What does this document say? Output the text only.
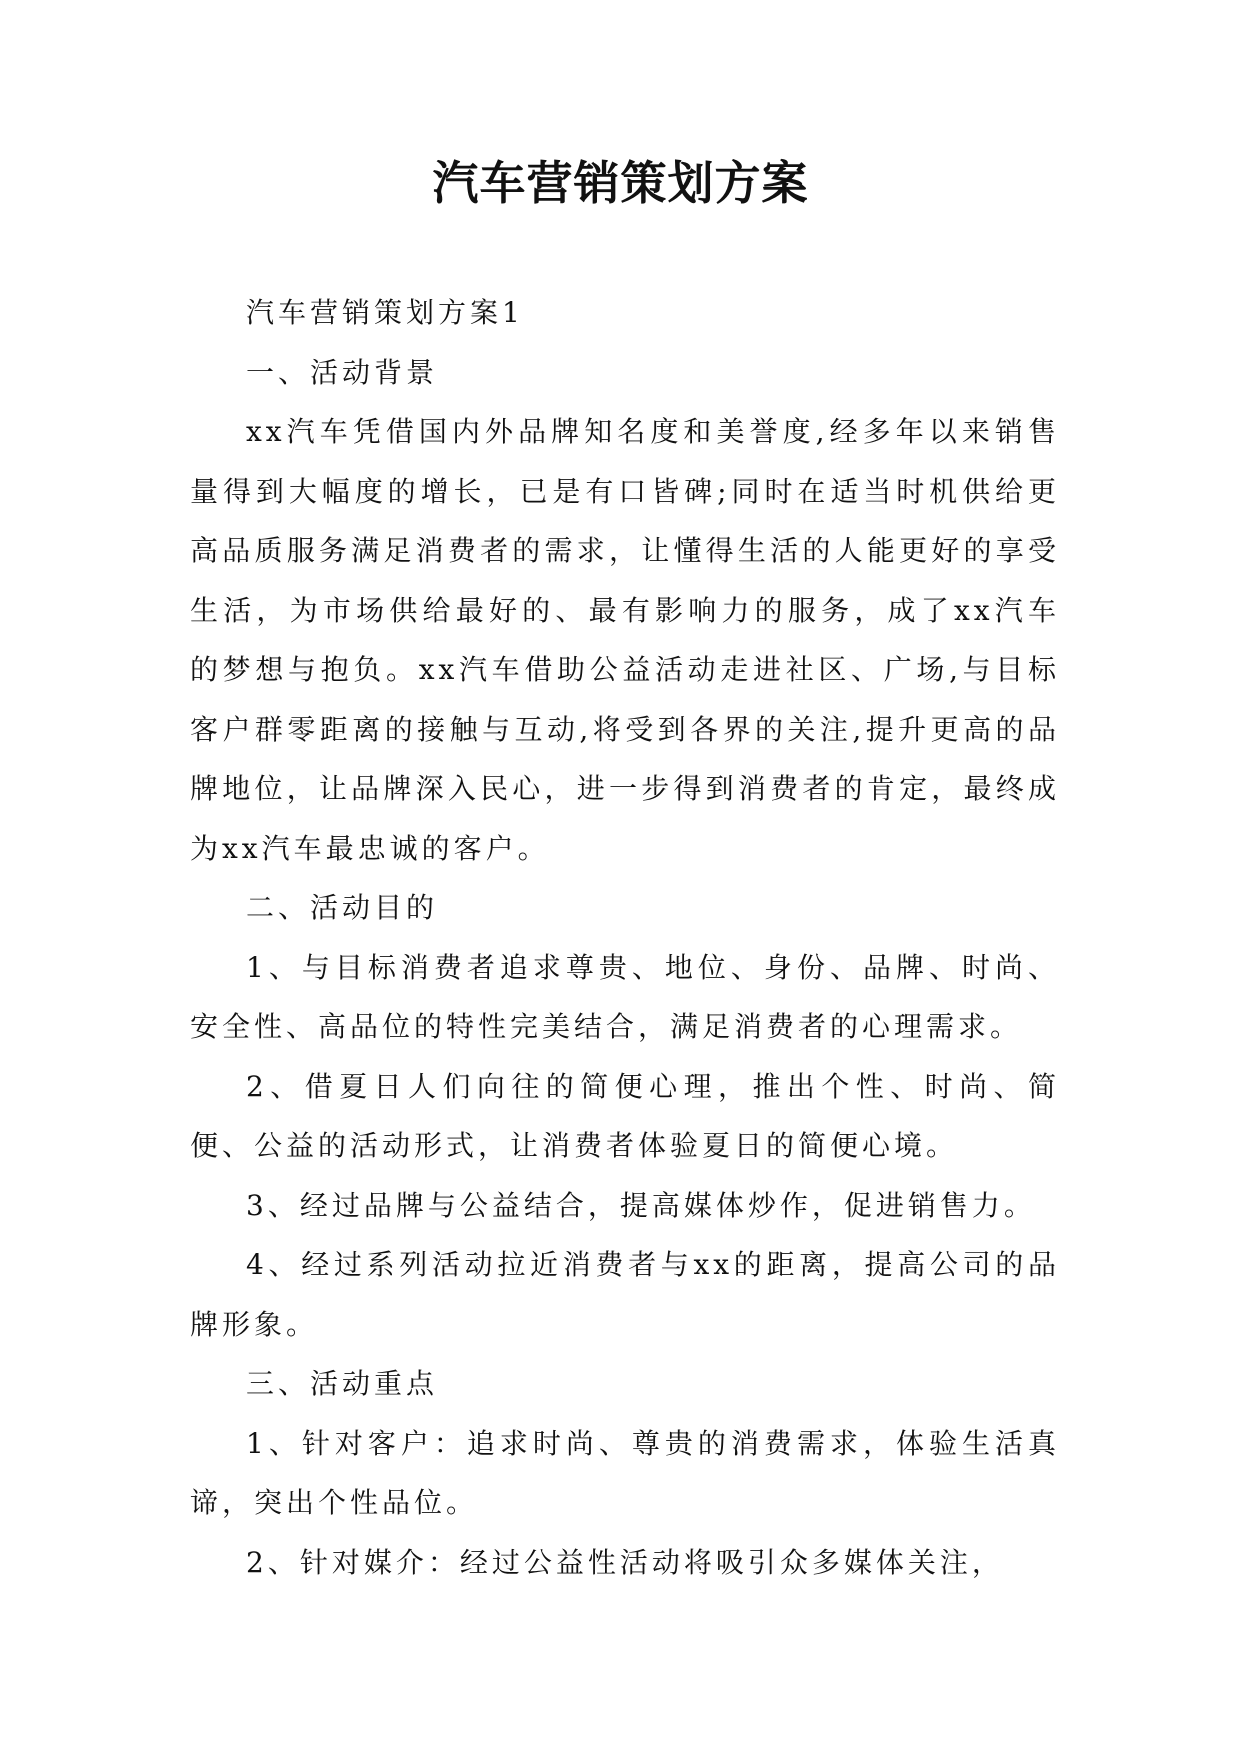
汽车营销策划方案

汽车营销策划方案1

一、活动背景

xx汽车凭借国内外品牌知名度和美誉度,经多年以来销售量得到大幅度的增长，已是有口皆碑;同时在适当时机供给更高品质服务满足消费者的需求，让懂得生活的人能更好的享受生活，为市场供给最好的、最有影响力的服务，成了xx汽车的梦想与抱负。xx汽车借助公益活动走进社区、广场,与目标客户群零距离的接触与互动,将受到各界的关注,提升更高的品牌地位，让品牌深入民心，进一步得到消费者的肯定，最终成为xx汽车最忠诚的客户。

二、活动目的

1、与目标消费者追求尊贵、地位、身份、品牌、时尚、安全性、高品位的特性完美结合，满足消费者的心理需求。

2、借夏日人们向往的简便心理，推出个性、时尚、简便、公益的活动形式，让消费者体验夏日的简便心境。

3、经过品牌与公益结合，提高媒体炒作，促进销售力。

4、经过系列活动拉近消费者与xx的距离，提高公司的品牌形象。

三、活动重点

1、针对客户：追求时尚、尊贵的消费需求，体验生活真谛，突出个性品位。

2、针对媒介：经过公益性活动将吸引众多媒体关注，
